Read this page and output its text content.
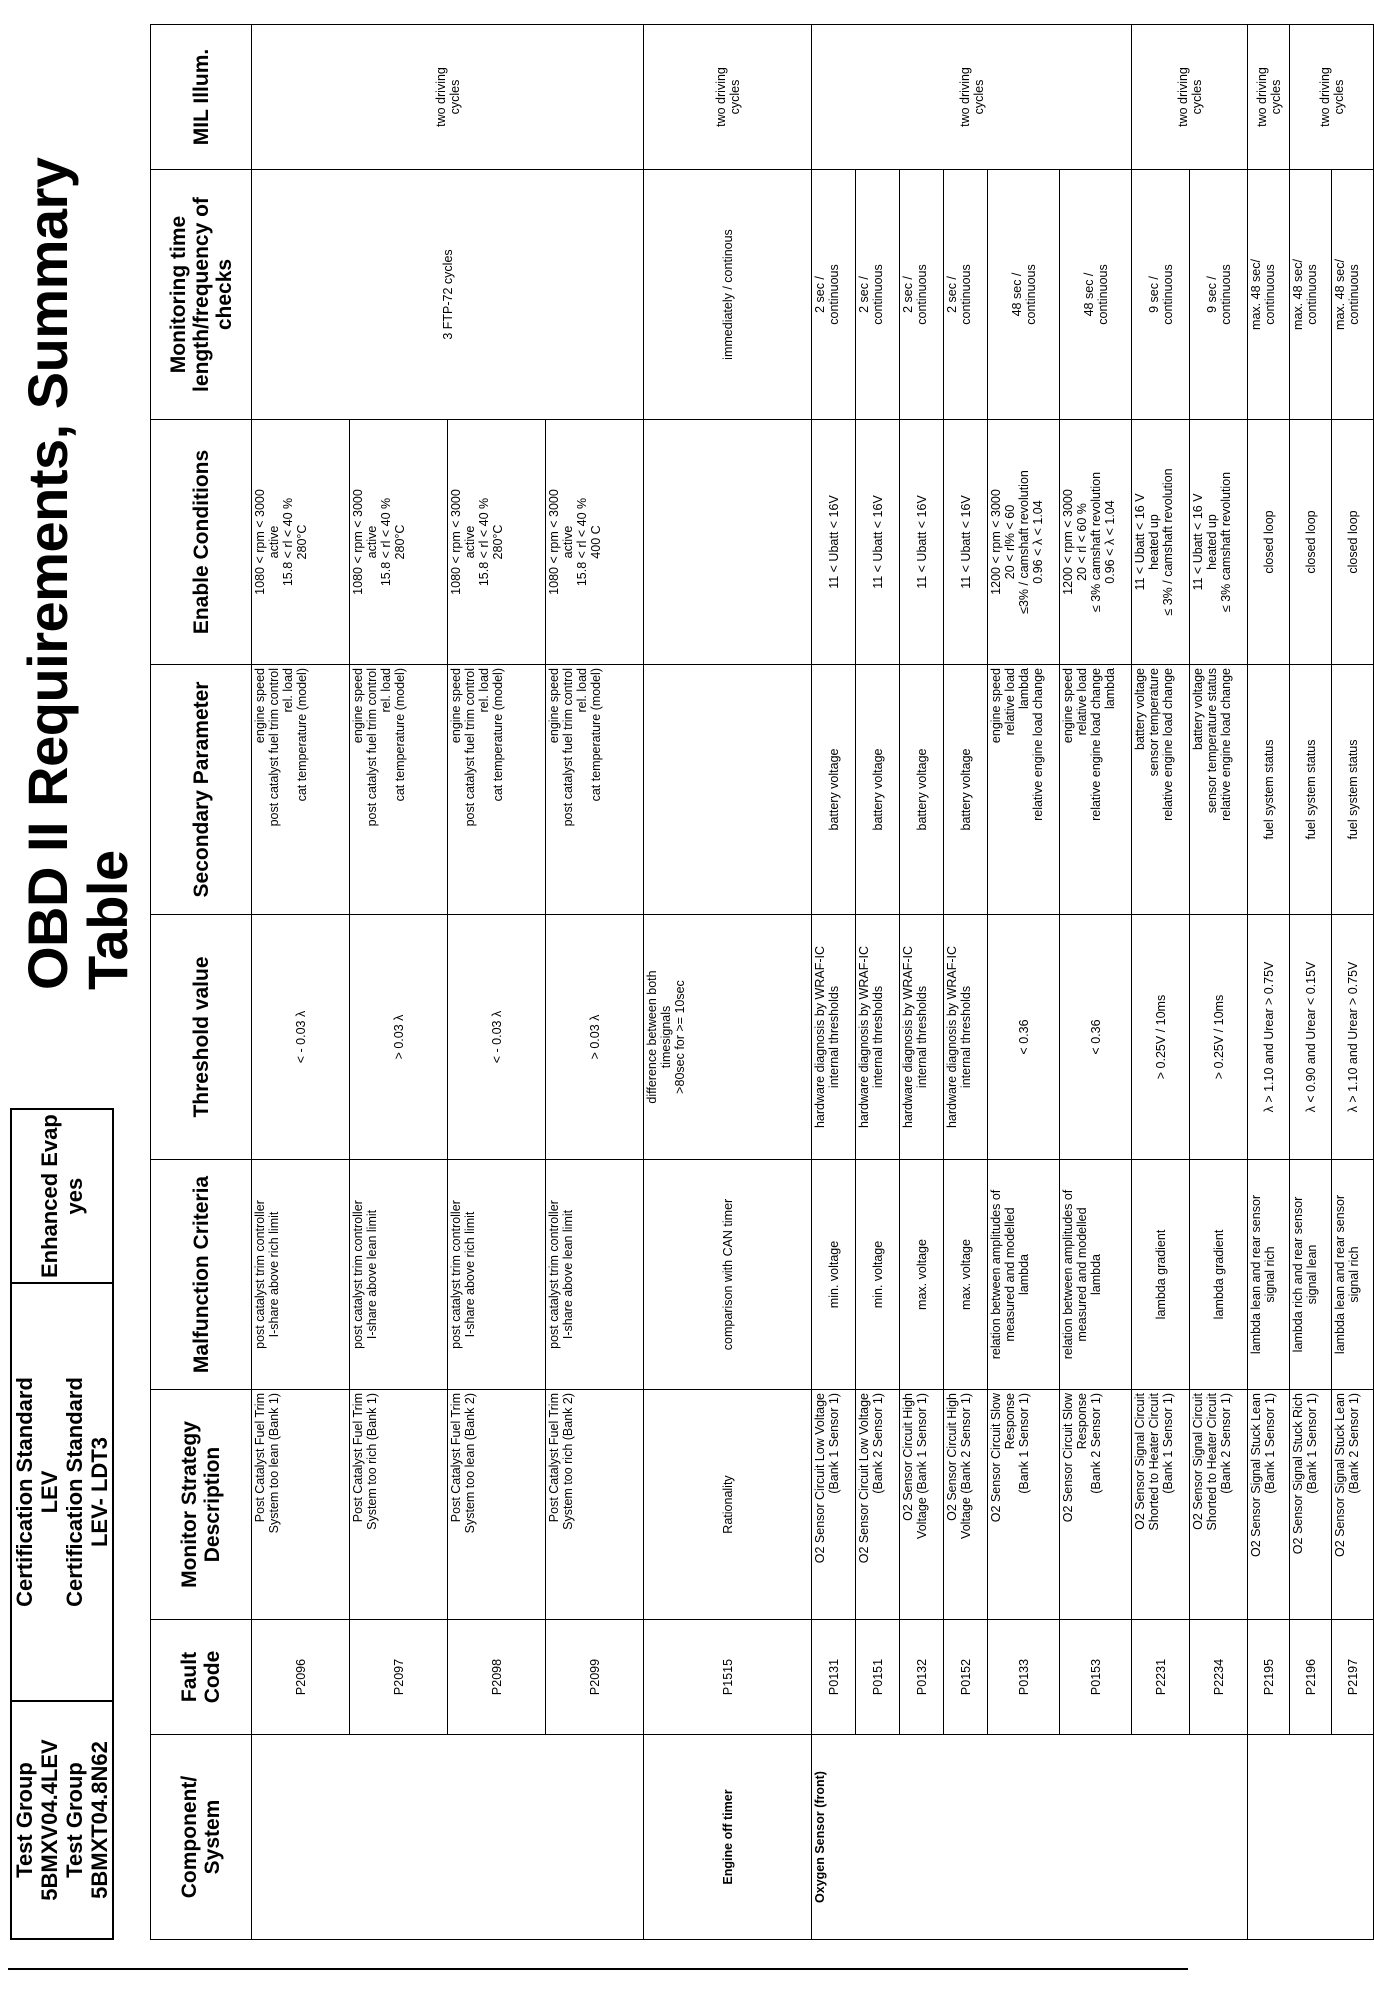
Test Group 5BMXV04.4LEV Test Group 5BMXT04.8N62

Certification Standard LEV Certification Standard LEV- LDT3

Enhanced Evap yes
OBD II Requirements, Summary Table
Component/ System	Fault Code	Monitor Strategy Description	Malfunction Criteria	Threshold value	Secondary Parameter	Enable Conditions	Monitoring time length/frequency of checks	MIL Illum.
	P2096	Post Catalyst Fuel Trim System too lean (Bank 1)	post catalyst trim controller I-share above rich limit	< - 0.03 λ	engine speed post catalyst fuel trim control rel. load cat temperature (model)	1080 < rpm < 3000 active 15.8 < rl < 40 % 280°C	3 FTP-72 cycles	two driving cycles

	P2097	Post Catalyst Fuel Trim System too rich (Bank 1)	post catalyst trim controller I-share above lean limit	> 0.03 λ	engine speed post catalyst fuel trim control rel. load cat temperature (model)	1080 < rpm < 3000 active 15.8 < rl < 40 % 280°C		

	P2098	Post Catalyst Fuel Trim System too lean (Bank 2)	post catalyst trim controller I-share above rich limit	< - 0.03 λ	engine speed post catalyst fuel trim control rel. load cat temperature (model)	1080 < rpm < 3000 active 15.8 < rl < 40 % 280°C		

	P2099	Post Catalyst Fuel Trim System too rich (Bank 2)	post catalyst trim controller I-share above lean limit	> 0.03 λ	engine speed post catalyst fuel trim control rel. load cat temperature (model)	1080 < rpm < 3000 active 15.8 < rl < 40 % 400 C		

Engine off timer	P1515	Rationality	comparison with CAN timer	difference between both timesignals >80sec for >= 10sec			immediately / continous	two driving cycles

Oxygen Sensor (front)	P0131	O2 Sensor Circuit Low Voltage (Bank 1 Sensor 1)	min. voltage	hardware diagnosis by WRAF-IC internal thresholds	battery voltage	11 < Ubatt < 16V	2 sec / continuous	two driving cycles

	P0151	O2 Sensor Circuit Low Voltage (Bank 2 Sensor 1)	min. voltage	hardware diagnosis by WRAF-IC internal thresholds	battery voltage	11 < Ubatt < 16V	2 sec / continuous	

	P0132	O2 Sensor Circuit High Voltage (Bank 1 Sensor 1)	max. voltage	hardware diagnosis by WRAF-IC internal thresholds	battery voltage	11 < Ubatt < 16V	2 sec / continuous	

	P0152	O2 Sensor Circuit High Voltage (Bank 2 Sensor 1)	max. voltage	hardware diagnosis by WRAF-IC internal thresholds	battery voltage	11 < Ubatt < 16V	2 sec / continuous	

	P0133	O2 Sensor Circuit Slow Response (Bank 1 Sensor 1)	relation between amplitudes of measured and modelled lambda	< 0.36	engine speed relative load lambda relative engine load change	1200 < rpm < 3000 20 < rl% < 60 ≤3% / camshaft revolution 0.96 < λ < 1.04	48 sec / continuous	

	P0153	O2 Sensor Circuit Slow Response (Bank 2 Sensor 1)	relation between amplitudes of measured and modelled lambda	< 0.36	engine speed relative load relative engine load change lambda	1200 < rpm < 3000 20 < rl < 60 % ≤ 3% camshaft revolution 0.96 < λ < 1.04	48 sec / continuous	

	P2231	O2 Sensor Signal Circuit Shorted to Heater Circuit (Bank 1 Sensor 1)	lambda gradient	> 0.25V / 10ms	battery voltage sensor temperature relative engine load change	11 < Ubatt < 16 V heated up ≤ 3% / camshaft revolution	9 sec / continuous	two driving cycles

	P2234	O2 Sensor Signal Circuit Shorted to Heater Circuit (Bank 2 Sensor 1)	lambda gradient	> 0.25V / 10ms	battery voltage sensor temperature status relative engine load change	11 < Ubatt < 16 V heated up ≤ 3% camshaft revolution	9 sec / continuous	

	P2195	O2 Sensor Signal Stuck Lean (Bank 1 Sensor 1)	lambda lean and rear sensor signal rich	λ > 1.10 and Urear > 0.75V	fuel system status	closed loop	max. 48 sec/ continuous	two driving cycles

	P2196	O2 Sensor Signal Stuck Rich (Bank 1 Sensor 1)	lambda rich and rear sensor signal lean	λ < 0.90 and Urear < 0.15V	fuel system status	closed loop	max. 48 sec/ continuous	two driving cycles

	P2197	O2 Sensor Signal Stuck Lean (Bank 2 Sensor 1)	lambda lean and rear sensor signal rich	λ > 1.10 and Urear > 0.75V	fuel system status	closed loop	max. 48 sec/ continuous	
